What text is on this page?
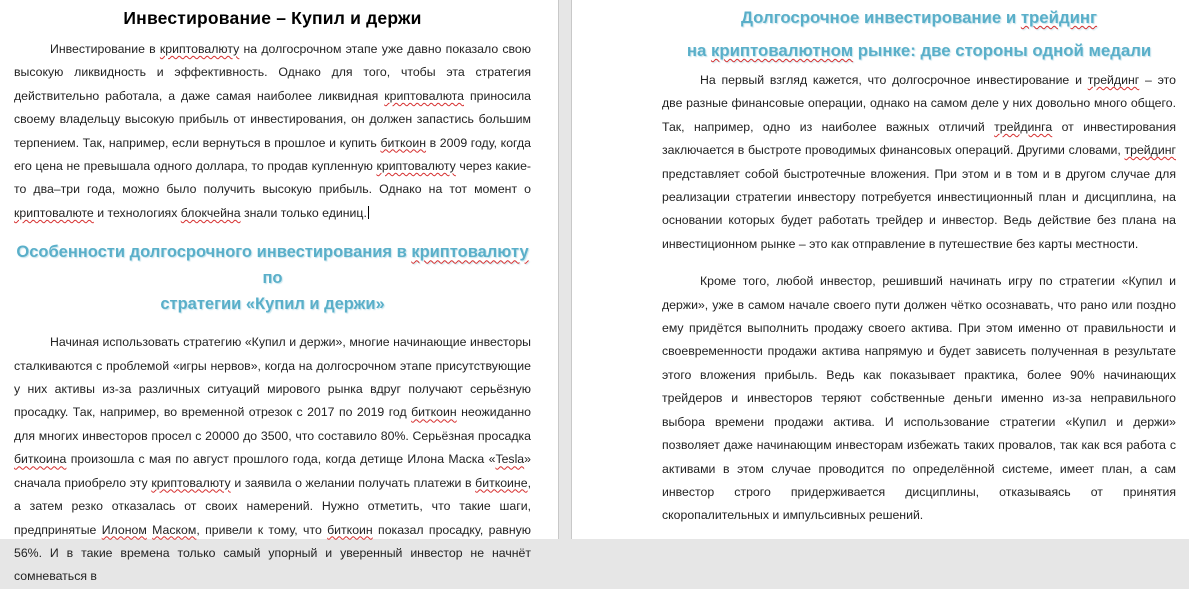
Инвестирование – Купил и держи

Инвестирование в криптовалюту на долгосрочном этапе уже давно показало свою высокую ликвидность и эффективность. Однако для того, чтобы эта стратегия действительно работала, а даже самая наиболее ликвидная криптовалюта приносила своему владельцу высокую прибыль от инвестирования, он должен запастись большим терпением. Так, например, если вернуться в прошлое и купить биткоин в 2009 году, когда его цена не превышала одного доллара, то продав купленную криптовалюту через какие-то два–три года, можно было получить высокую прибыль. Однако на тот момент о криптовалюте и технологиях блокчейна знали только единиц.

Особенности долгосрочного инвестирования в криптовалюту по
стратегии «Купил и держи»

Начиная использовать стратегию «Купил и держи», многие начинающие инвесторы сталкиваются с проблемой «игры нервов», когда на долгосрочном этапе присутствующие у них активы из-за различных ситуаций мирового рынка вдруг получают серьёзную просадку. Так, например, во временной отрезок с 2017 по 2019 год биткоин неожиданно для многих инвесторов просел с 20000 до 3500, что составило 80%. Серьёзная просадка биткоина произошла с мая по август прошлого года, когда детище Илона Маска «Tesla» сначала приобрело эту криптовалюту и заявила о желании получать платежи в биткоине, а затем резко отказалась от своих намерений. Нужно отметить, что такие шаги, предпринятые Илоном Маском, привели к тому, что биткоин показал просадку, равную 56%. И в такие времена только самый упорный и уверенный инвестор не начнёт сомневаться в

Долгосрочное инвестирование и трейдинг
на криптовалютном рынке: две стороны одной медали

На первый взгляд кажется, что долгосрочное инвестирование и трейдинг – это две разные финансовые операции, однако на самом деле у них довольно много общего. Так, например, одно из наиболее важных отличий трейдинга от инвестирования заключается в быстроте проводимых финансовых операций. Другими словами, трейдинг представляет собой быстротечные вложения. При этом и в том и в другом случае для реализации стратегии инвестору потребуется инвестиционный план и дисциплина, на основании которых будет работать трейдер и инвестор. Ведь действие без плана на инвестиционном рынке – это как отправление в путешествие без карты местности.

Кроме того, любой инвестор, решивший начинать игру по стратегии «Купил и держи», уже в самом начале своего пути должен чётко осознавать, что рано или поздно ему придётся выполнить продажу своего актива. При этом именно от правильности и своевременности продажи актива напрямую и будет зависеть полученная в результате этого вложения прибыль. Ведь как показывает практика, более 90% начинающих трейдеров и инвесторов теряют собственные деньги именно из-за неправильного выбора времени продажи актива. И использование стратегии «Купил и держи» позволяет даже начинающим инвесторам избежать таких провалов, так как вся работа с активами в этом случае проводится по определённой системе, имеет план, а сам инвестор строго придерживается дисциплины, отказываясь от принятия скоропалительных и импульсивных решений.
